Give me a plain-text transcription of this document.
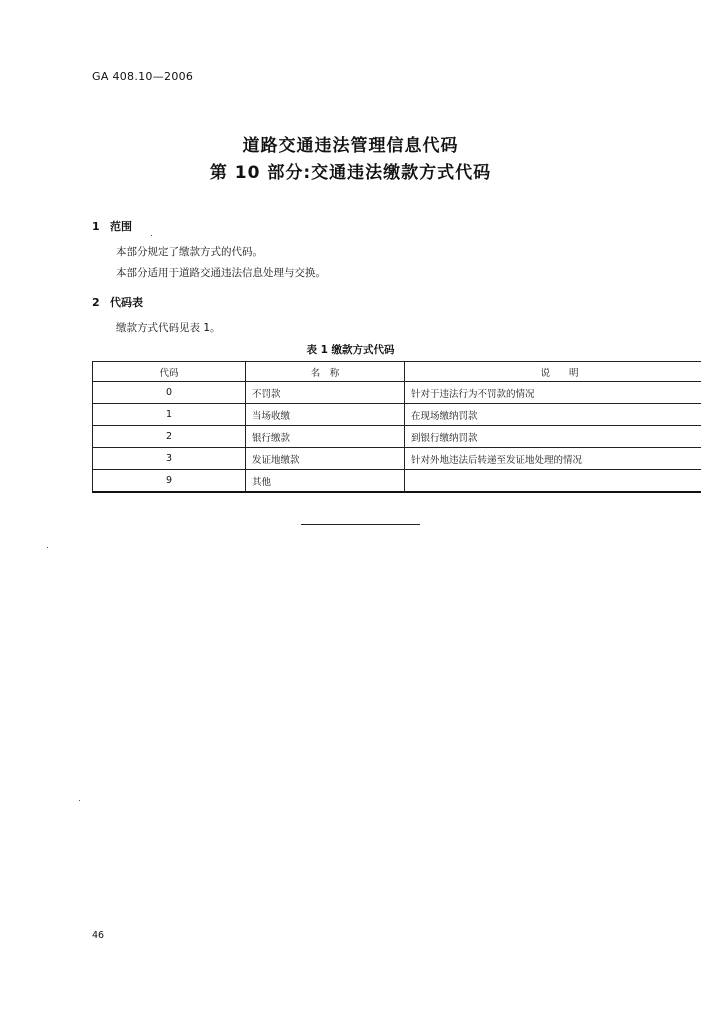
GA 408.10—2006
道路交通违法管理信息代码
第 10 部分:交通违法缴款方式代码
1 范围
本部分规定了缴款方式的代码。
本部分适用于道路交通违法信息处理与交换。
2 代码表
缴款方式代码见表 1。
表 1 缴款方式代码
代码	名　称	说　　明
0	不罚款	针对于违法行为不罚款的情况
1	当场收缴	在现场缴纳罚款
2	银行缴款	到银行缴纳罚款
3	发证地缴款	针对外地违法后转递至发证地处理的情况
9	其他	
46
